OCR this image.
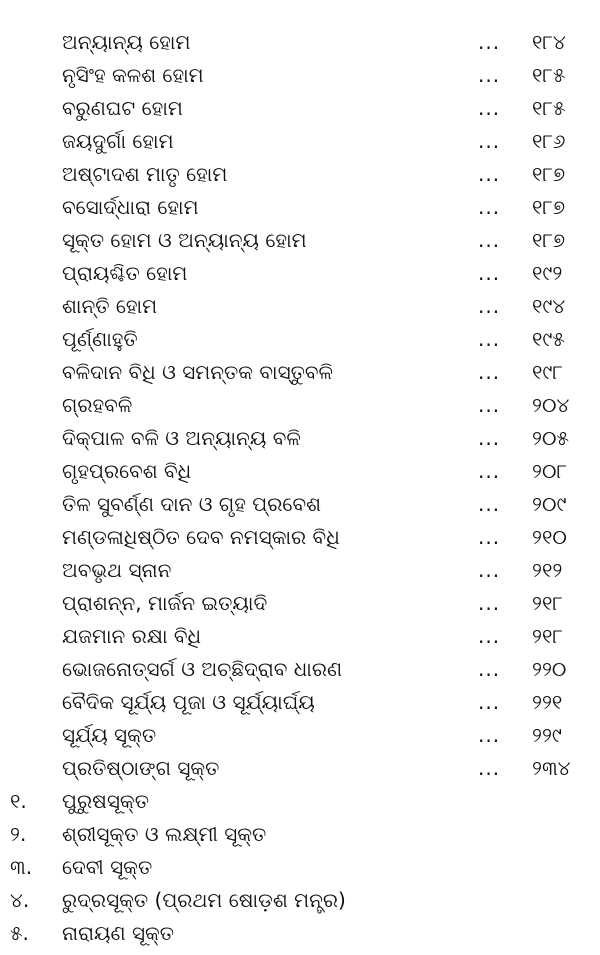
ଅନ୍ୟାନ୍ୟ ହୋମ	... ୧୮୪
ନୃସିଂହ କଳଶ ହୋମ	... ୧୮୫
ବରୁଣଘଟ ହୋମ	... ୧୮୫
ଜୟଦୁର୍ଗା ହୋମ	... ୧୮୬
ଅଷ୍ଟାଦଶ ମାତୃ ହୋମ	... ୧୮୭
ବସୋର୍ଦ୍ଧାରା ହୋମ	... ୧୮୭
ସୂକ୍ତ ହୋମ ଓ ଅନ୍ୟାନ୍ୟ ହୋମ	... ୧୮୭
ପ୍ରାୟଶ୍ଚିତ ହୋମ	... ୧୯୨
ଶାନ୍ତି ହୋମ	... ୧୯୪
ପୂର୍ଣ୍ଣାହୁତି	... ୧୯୫
ବଳିଦାନ ବିଧି ଓ ସମନ୍ତକ ବାସ୍ତୁବଳି	... ୧୯୮
ଗ୍ରହବଳି	... ୨୦୪
ଦିକ୍‌ପାଳ ବଳି ଓ ଅନ୍ୟାନ୍ୟ ବଳି	... ୨୦୫
ଗୃହପ୍ରବେଶ ବିଧି	... ୨୦୮
ତିଳ ସୁବର୍ଣ୍ଣ ଦାନ ଓ ଗୃହ ପ୍ରବେଶ	... ୨୦୯
ମଣ୍ଡଳାଧିଷ୍ଠିତ ଦେବ ନମସ୍କାର ବିଧି	... ୨୧୦
ଅବଭୃଥ ସ୍ନାନ	... ୨୧୨
ପ୍ରାଶନ୍ନ, ମାର୍ଜନ ଇତ୍ୟାଦି	... ୨୧୮
ଯଜମାନ ରକ୍ଷା ବିଧି	... ୨୧୮
ଭୋଜନୋତ୍ସର୍ଗ ଓ ଅଚ୍ଛିଦ୍ରାବ ଧାରଣ	... ୨୨୦
ବୈଦିକ ସୂର୍ଯ୍ୟ ପୂଜା ଓ ସୂର୍ଯ୍ୟାର୍ଘ୍ୟ	... ୨୨୧
ସୂର୍ଯ୍ୟ ସୂକ୍ତ	... ୨୨୯
ପ୍ରତିଷ୍ଠାଙ୍ଗ ସୂକ୍ତ	... ୨୩୪
୧. ପୁରୁଷସୂକ୍ତ
୨. ଶ୍ରୀସୂକ୍ତ ଓ ଲକ୍ଷ୍ମୀ ସୂକ୍ତ
୩. ଦେବୀ ସୂକ୍ତ
୪. ରୁଦ୍ରସୂକ୍ତ (ପ୍ରଥମ ଷୋଡ଼ଶ ମନ୍ତ୍ର)
୫. ନାରାୟଣ ସୂକ୍ତ
